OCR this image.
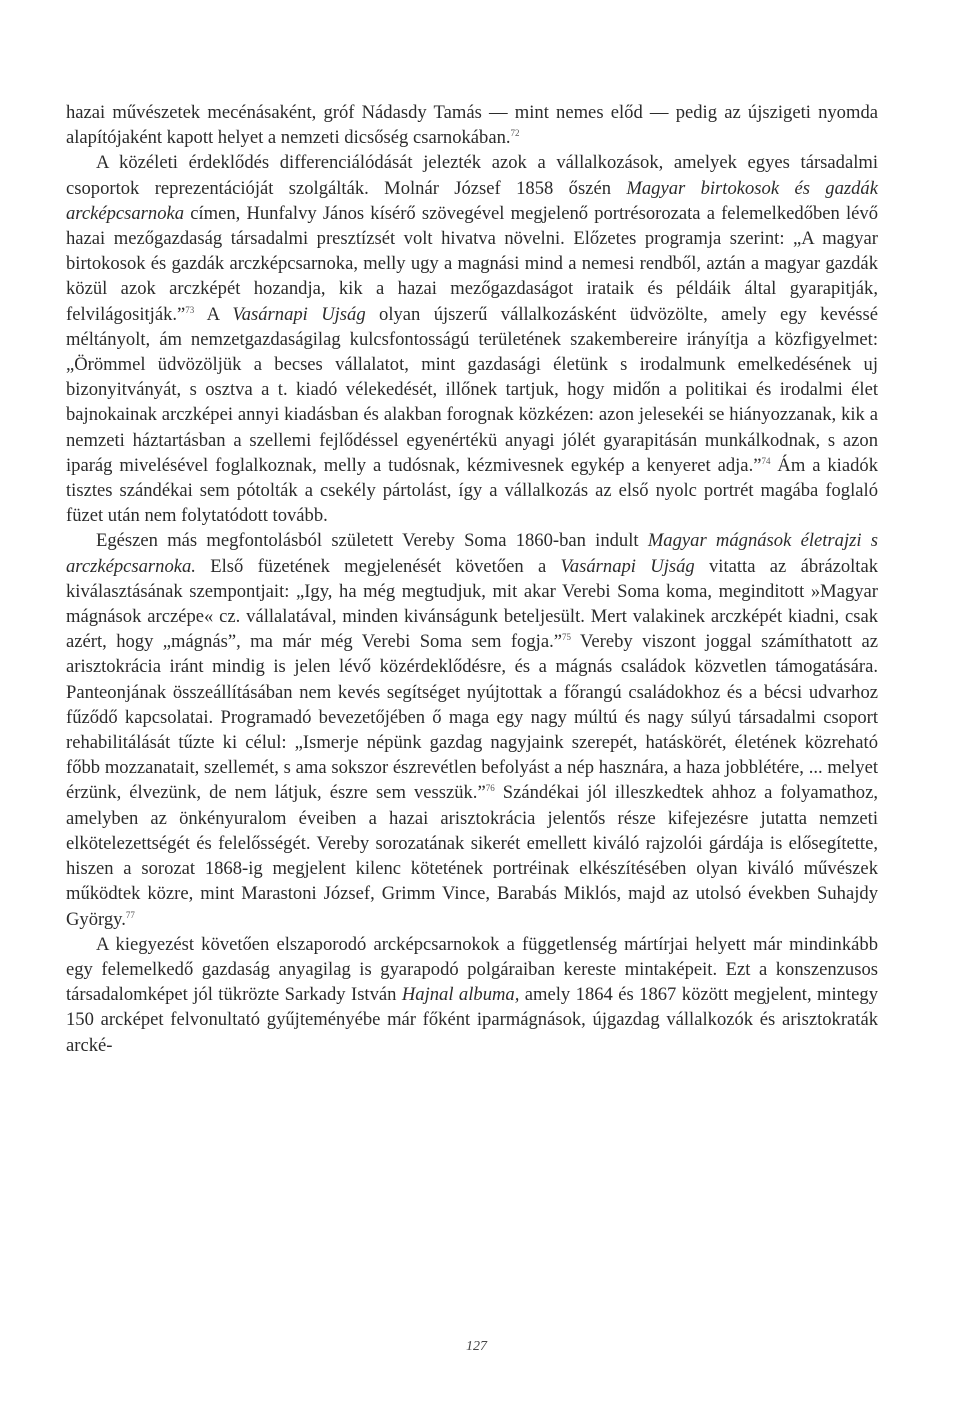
hazai művészetek mecénásaként, gróf Nádasdy Tamás — mint nemes előd — pedig az újszigeti nyomda alapítójaként kapott helyet a nemzeti dicsőség csarnokában.$^{72}$

A közéleti érdeklődés differenciálódását jelezték azok a vállalkozások, amelyek egyes társadalmi csoportok reprezentációját szolgálták. Molnár József 1858 őszén Magyar birtokosok és gazdák arcképcsarnoka címen, Hunfalvy János kísérő szövegével megjelenő portrésorozata a felemelkedőben lévő hazai mezőgazdaság társadalmi presztízsét volt hivatva növelni. Előzetes programja szerint: „A magyar birtokosok és gazdák arczképcsarnoka, melly ugy a magnási mind a nemesi rendből, aztán a magyar gazdák közül azok arczképét hozandja, kik a hazai mezőgazdaságot irataik és példáik által gyarapitják, felvilágositják.”$^{73}$ A Vasárnapi Ujság olyan újszerű vállalkozásként üdvözölte, amely egy kevéssé méltányolt, ám nemzetgazdaságilag kulcsfontosságú területének szakembereire irányítja a közfigyelmet: „Örömmel üdvözöljük a becses vállalatot, mint gazdasági életünk s irodalmunk emelkedésének uj bizonyitványát, s osztva a t. kiadó vélekedését, illőnek tartjuk, hogy midőn a politikai és irodalmi élet bajnokainak arczképei annyi kiadásban és alakban forognak közkézen: azon jelesekéi se hiányozzanak, kik a nemzeti háztartásban a szellemi fejlődéssel egyenértékü anyagi jólét gyarapitásán munkálkodnak, s azon iparág mivelésével foglalkoznak, melly a tudósnak, kézmivesnek egykép a kenyeret adja.”$^{74}$ Ám a kiadók tisztes szándékai sem pótolták a csekély pártolást, így a vállalkozás az első nyolc portrét magába foglaló füzet után nem folytatódott tovább.

Egészen más megfontolásból született Vereby Soma 1860-ban indult Magyar mágnások életrajzi s arczképcsarnoka. Első füzetének megjelenését követően a Vasárnapi Ujság vitatta az ábrázoltak kiválasztásának szempontjait: „Igy, ha még megtudjuk, mit akar Verebi Soma koma, meginditott »Magyar mágnások arczépe« cz. vállalatával, minden kivánságunk beteljesült. Mert valakinek arczképét kiadni, csak azért, hogy „mágnás”, ma már még Verebi Soma sem fogja.”$^{75}$ Vereby viszont joggal számíthatott az arisztokrácia iránt mindig is jelen lévő közérdeklődésre, és a mágnás családok közvetlen támogatására. Panteonjának összeállításában nem kevés segítséget nyújtottak a főrangú családokhoz és a bécsi udvarhoz fűződő kapcsolatai. Programadó bevezetőjében ő maga egy nagy múltú és nagy súlyú társadalmi csoport rehabilitálását tűzte ki célul: „Ismerje népünk gazdag nagyjaink szerepét, hatáskörét, életének közreható főbb mozzanatait, szellemét, s ama sokszor észrevétlen befolyást a nép hasznára, a haza jobblétére, ... melyet érzünk, élvezünk, de nem látjuk, észre sem vesszük.”$^{76}$ Szándékai jól illeszkedtek ahhoz a folyamathoz, amelyben az önkényuralom éveiben a hazai arisztokrácia jelentős része kifejezésre jutatta nemzeti elkötelezettségét és felelősségét. Vereby sorozatának sikerét emellett kiváló rajzolói gárdája is elősegítette, hiszen a sorozat 1868-ig megjelent kilenc kötetének portréinak elkészítésében olyan kiváló művészek működtek közre, mint Marastoni József, Grimm Vince, Barabás Miklós, majd az utolsó években Suhajdy György.$^{77}$

A kiegyezést követően elszaporodó arcképcsarnokok a függetlenség mártírjai helyett már mindinkább egy felemelkedő gazdaság anyagilag is gyarapodó polgáraiban kereste mintaképeit. Ezt a konszenzusos társadalomképet jól tükrözte Sarkady István Hajnal albuma, amely 1864 és 1867 között megjelent, mintegy 150 arcképet felvonultató gyűjteményébe már főként iparmágnások, újgazdag vállalkozók és arisztokraták arcké-

127
